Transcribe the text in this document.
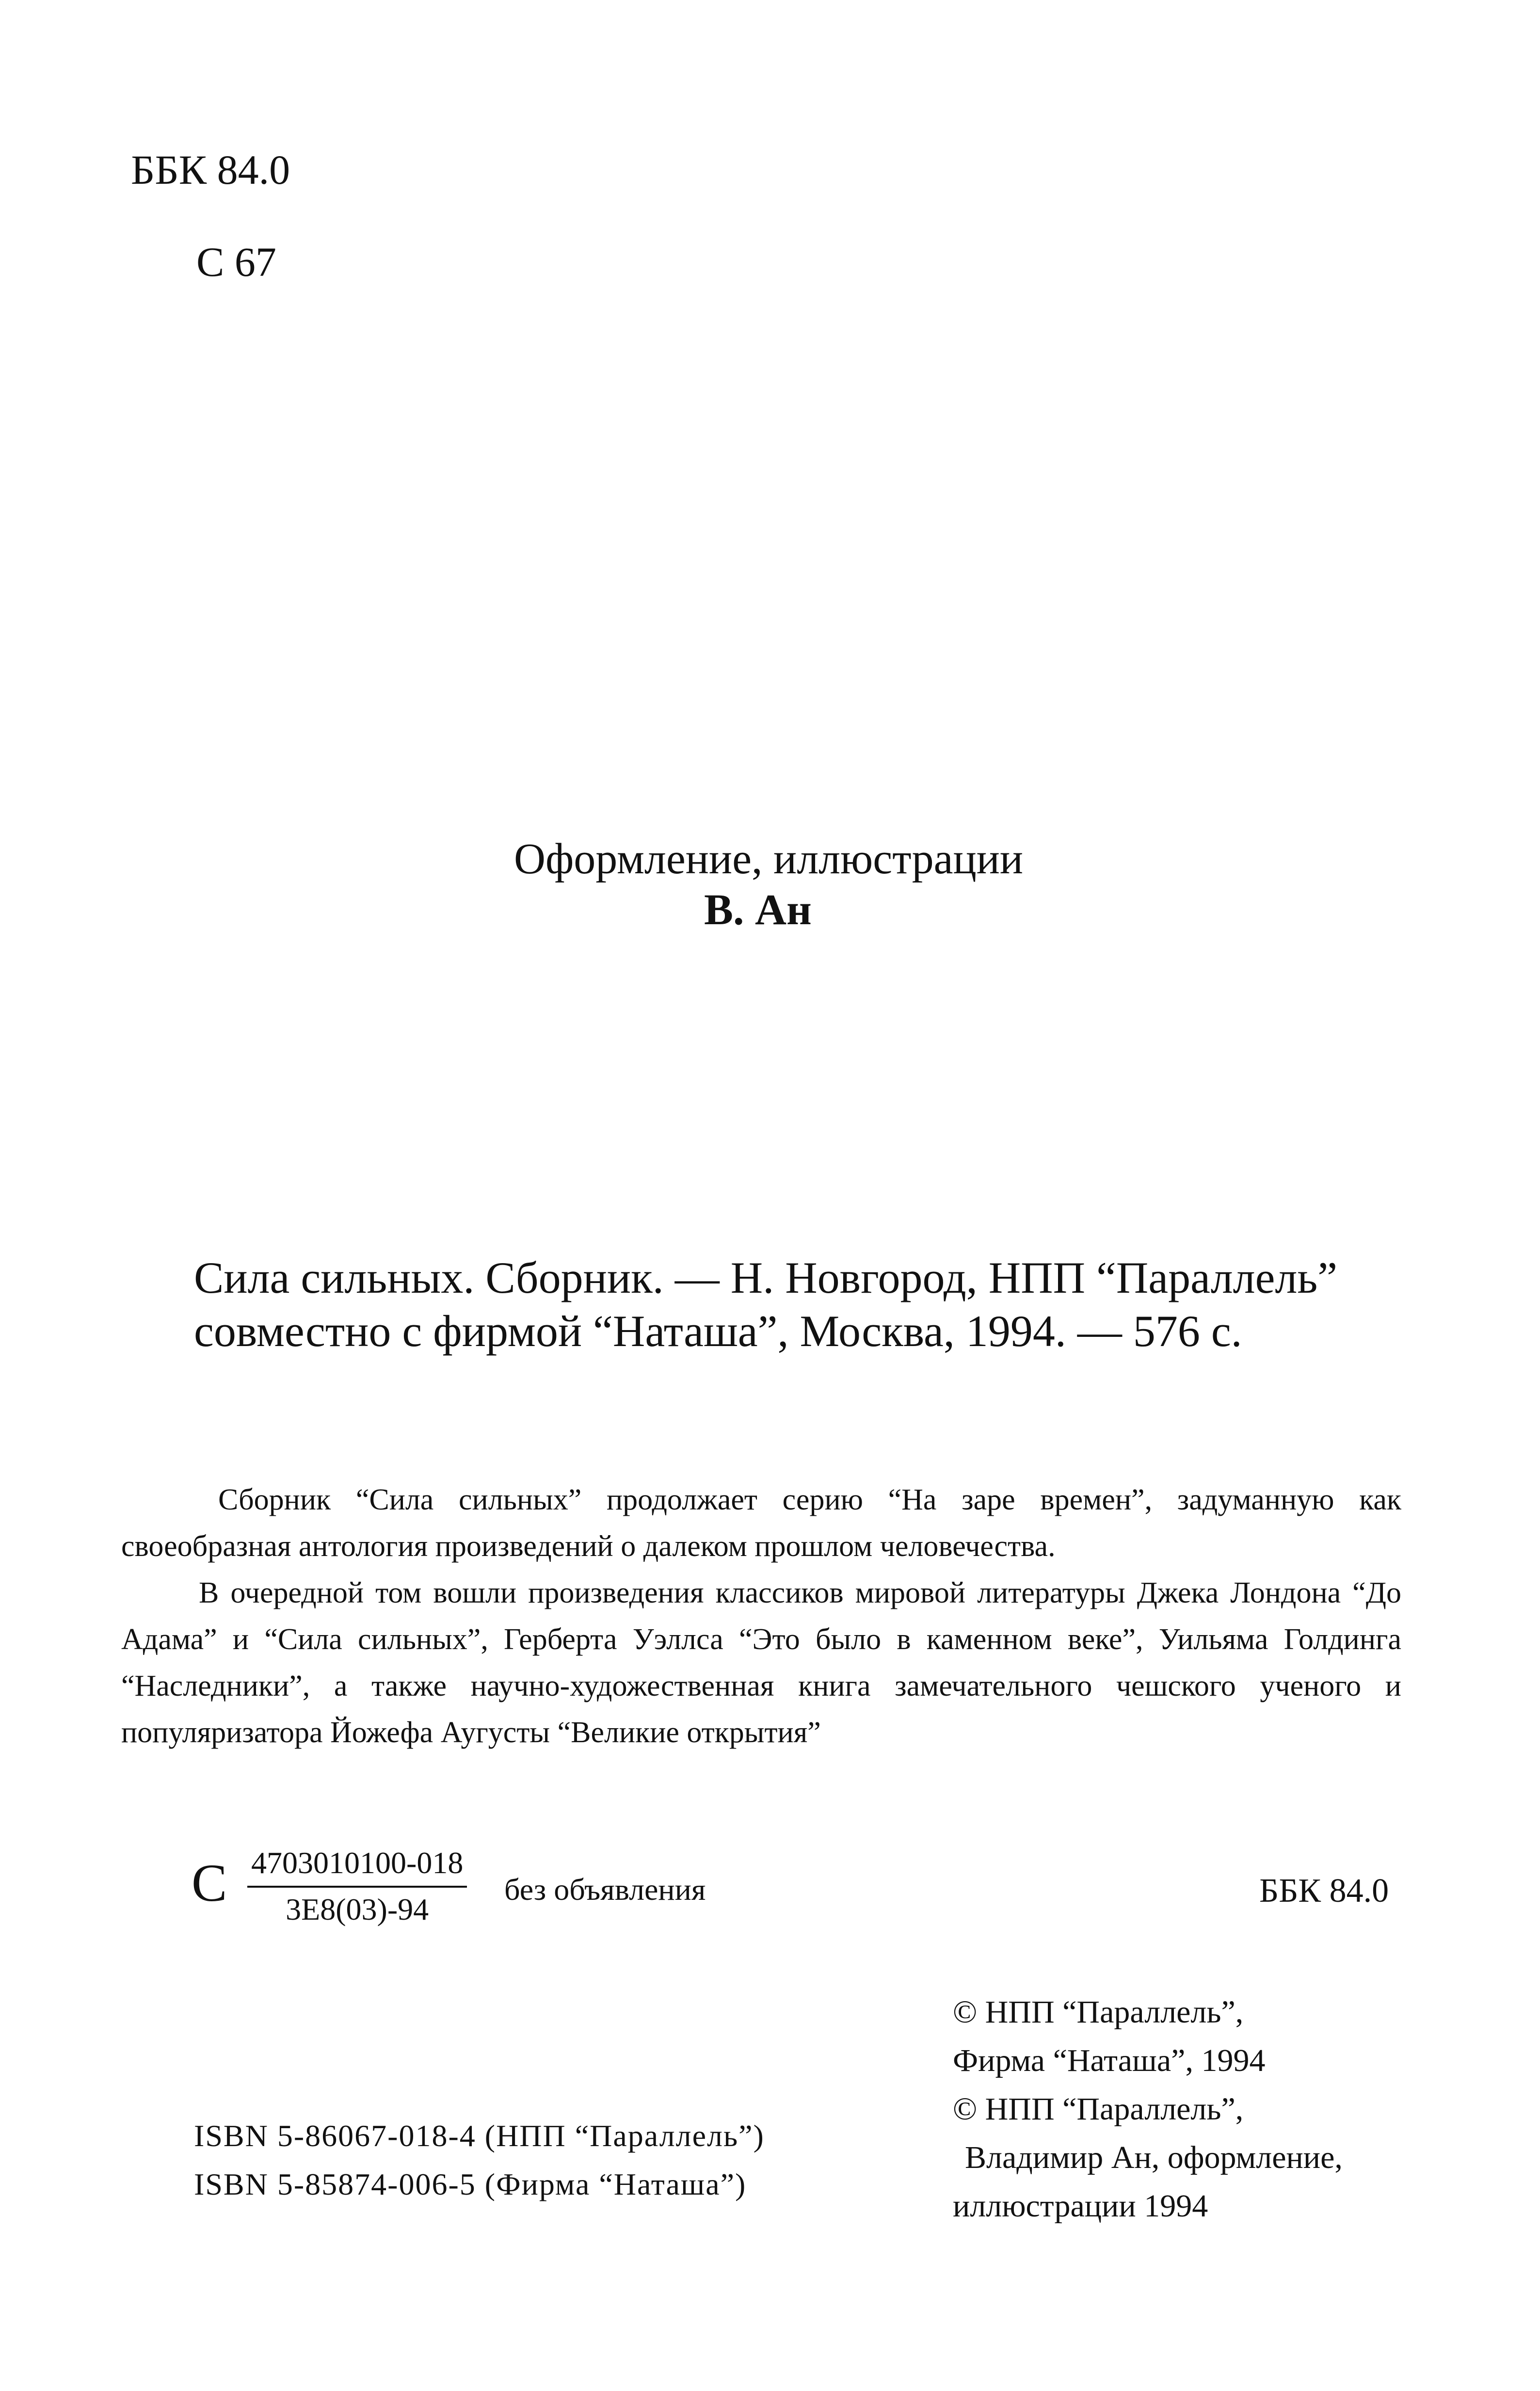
ББК 84.0
С 67
Оформление, иллюстрации
В. Ан
Сила сильных. Сборник. — Н. Новгород, НПП “Параллель”
совместно с фирмой “Наташа”, Москва, 1994. — 576 с.

Сборник “Сила сильных” продолжает серию “На заре времен”, задуманную как своеобразная антология произведений о далеком прошлом человечества.

В очередной том вошли произведения классиков мировой литературы Джека Лондона “До Адама” и “Сила сильных”, Герберта Уэллса “Это было в каменном веке”, Уильяма Голдинга “Наследники”, а также научно-художественная книга замечательного чешского ученого и популяризатора Йожефа Аугусты “Великие открытия”

С 4703010100-018
3Е8(03)-94
без объявления	ББК 84.0
© НПП “Параллель”,
Фирма “Наташа”, 1994
© НПП “Параллель”,
Владимир Ан, оформление,
иллюстрации 1994
ISBN 5-86067-018-4 (НПП “Параллель”)
ISBN 5-85874-006-5 (Фирма “Наташа”)
